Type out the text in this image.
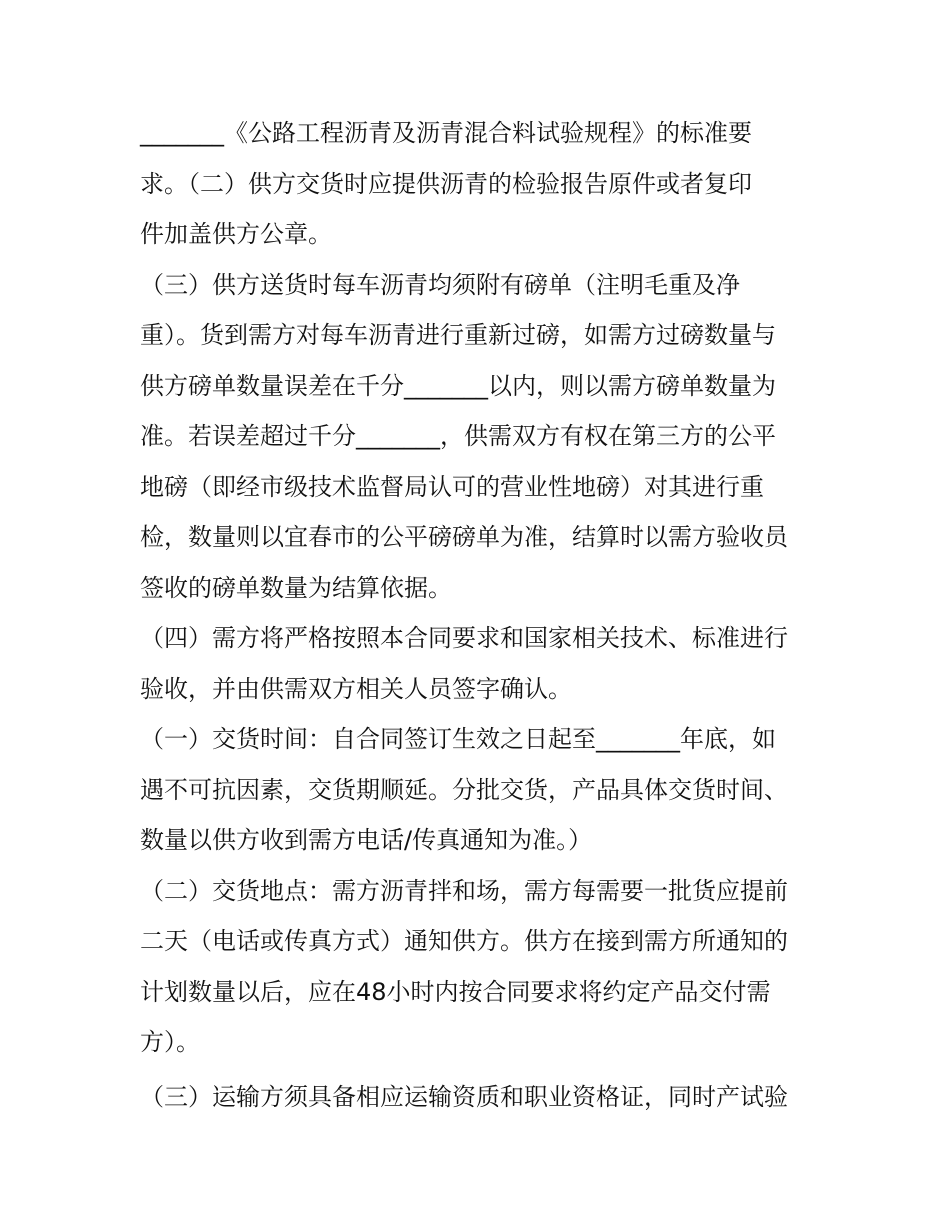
_______《公路工程沥青及沥青混合料试验规程》的标准要
求。（二）供方交货时应提供沥青的检验报告原件或者复印
件加盖供方公章。
（三）供方送货时每车沥青均须附有磅单（注明毛重及净
重）。货到需方对每车沥青进行重新过磅，如需方过磅数量与
供方磅单数量误差在千分_______以内，则以需方磅单数量为
准。若误差超过千分_______，供需双方有权在第三方的公平
地磅（即经市级技术监督局认可的营业性地磅）对其进行重
检，数量则以宜春市的公平磅磅单为准，结算时以需方验收员
签收的磅单数量为结算依据。
（四）需方将严格按照本合同要求和国家相关技术、标准进行
验收，并由供需双方相关人员签字确认。
（一）交货时间：自合同签订生效之日起至_______年底，如
遇不可抗因素，交货期顺延。分批交货，产品具体交货时间、
数量以供方收到需方电话/传真通知为准。）
（二）交货地点：需方沥青拌和场，需方每需要一批货应提前
二天（电话或传真方式）通知供方。供方在接到需方所通知的
计划数量以后，应在48小时内按合同要求将约定产品交付需
方）。
（三）运输方须具备相应运输资质和职业资格证，同时产试验
